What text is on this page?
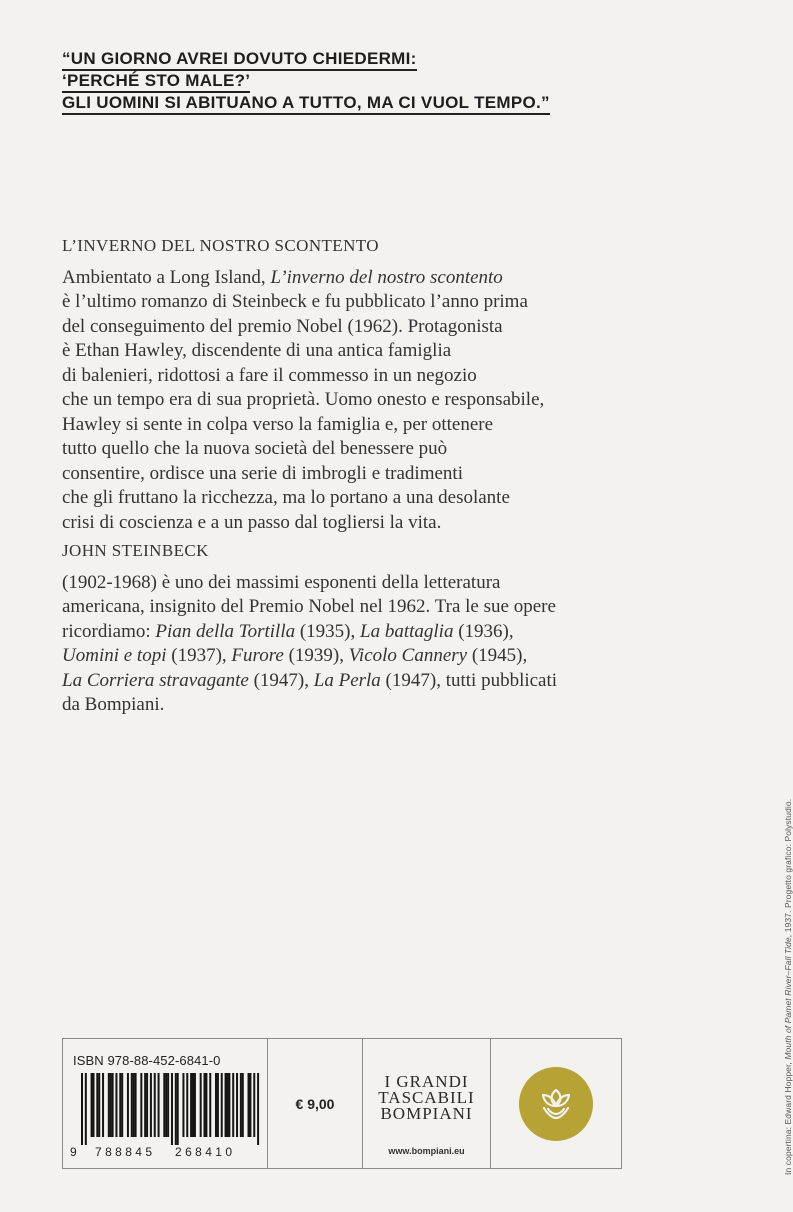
“UN GIORNO AVREI DOVUTO CHIEDERMI:
‘PERCHÉ STO MALE?’
GLI UOMINI SI ABITUANO A TUTTO, MA CI VUOL TEMPO.”
L’INVERNO DEL NOSTRO SCONTENTO
Ambientato a Long Island, L’inverno del nostro scontento
è l’ultimo romanzo di Steinbeck e fu pubblicato l’anno prima
del conseguimento del premio Nobel (1962). Protagonista
è Ethan Hawley, discendente di una antica famiglia
di balenieri, ridottosi a fare il commesso in un negozio
che un tempo era di sua proprietà. Uomo onesto e responsabile,
Hawley si sente in colpa verso la famiglia e, per ottenere
tutto quello che la nuova società del benessere può
consentire, ordisce una serie di imbrogli e tradimenti
che gli fruttano la ricchezza, ma lo portano a una desolante
crisi di coscienza e a un passo dal togliersi la vita.
JOHN STEINBECK
(1902-1968) è uno dei massimi esponenti della letteratura
americana, insignito del Premio Nobel nel 1962. Tra le sue opere
ricordiamo: Pian della Tortilla (1935), La battaglia (1936),
Uomini e topi (1937), Furore (1939), Vicolo Cannery (1945),
La Corriera stravagante (1947), La Perla (1947), tutti pubblicati
da Bompiani.
In copertina: Edward Hopper, Mouth of Pamet River–Fall Tide, 1937. Progetto grafico: Polystudio.
ISBN 978-88-452-6841-0
9 788845 268410
€ 9,00
I GRANDI
TASCABILI
BOMPIANI
www.bompiani.eu
